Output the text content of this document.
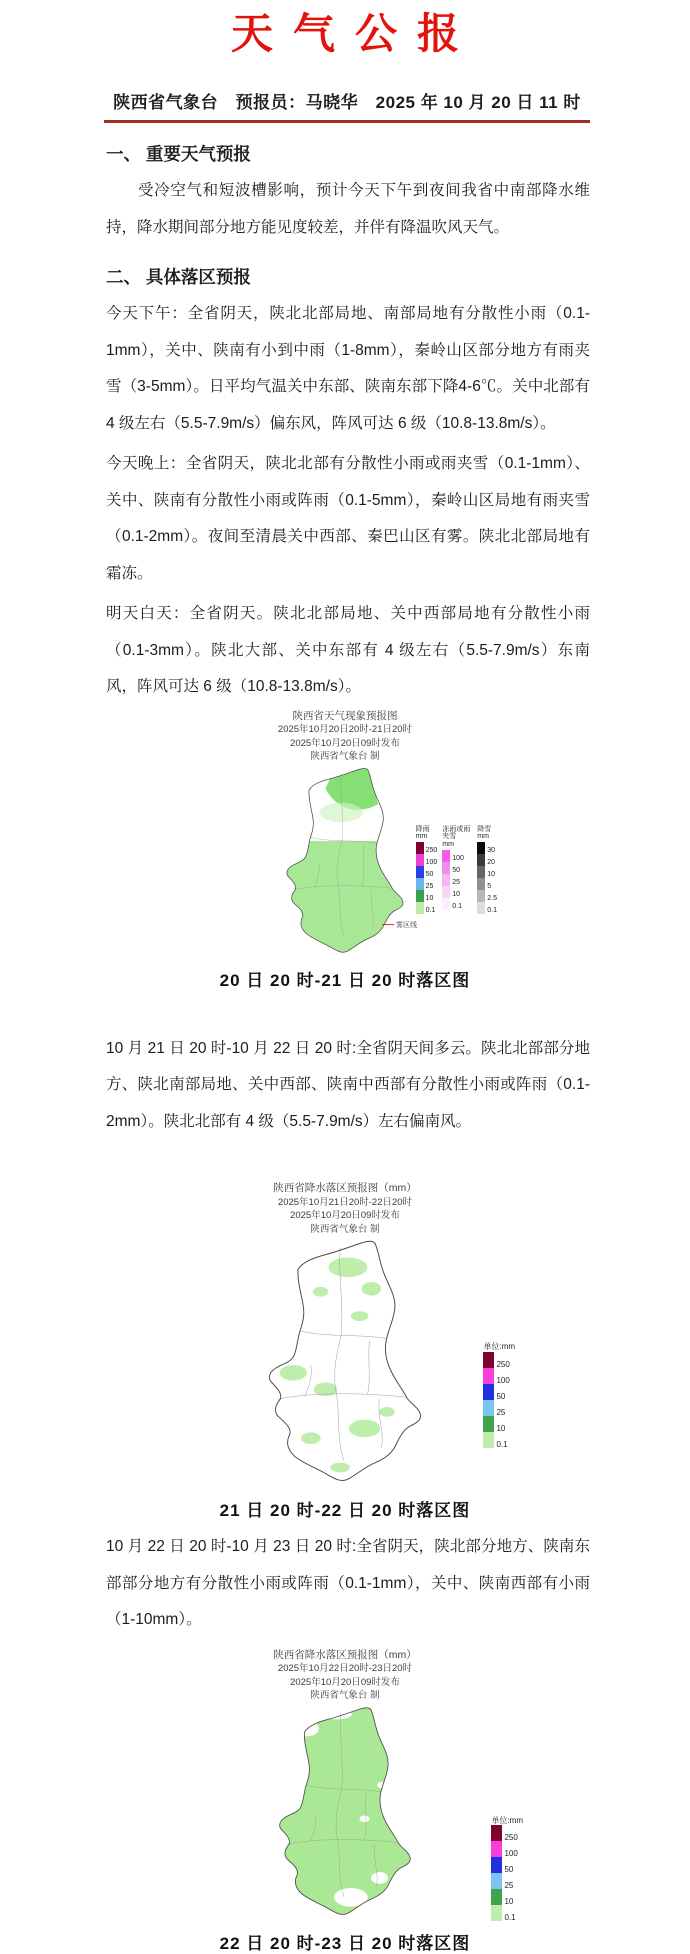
天气公报
陕西省气象台　预报员：马晓华　2025 年 10 月 20 日 11 时
一、 重要天气预报

受冷空气和短波槽影响，预计今天下午到夜间我省中南部降水维持，降水期间部分地方能见度较差，并伴有降温吹风天气。

二、 具体落区预报

今天下午：全省阴天，陕北北部局地、南部局地有分散性小雨（0.1-1mm），关中、陕南有小到中雨（1-8mm），秦岭山区部分地方有雨夹雪（3-5mm）。日平均气温关中东部、陕南东部下降4-6℃。关中北部有 4 级左右（5.5-7.9m/s）偏东风，阵风可达 6 级（10.8-13.8m/s）。

今天晚上：全省阴天，陕北北部有分散性小雨或雨夹雪（0.1-1mm）、关中、陕南有分散性小雨或阵雨（0.1-5mm），秦岭山区局地有雨夹雪（0.1-2mm）。夜间至清晨关中西部、秦巴山区有雾。陕北北部局地有霜冻。

明天白天：全省阴天。陕北北部局地、关中西部局地有分散性小雨（0.1-3mm）。陕北大部、关中东部有 4 级左右（5.5-7.9m/s）东南风，阵风可达 6 级（10.8-13.8m/s）。

陕西省天气现象预报图
2025年10月20日20时-21日20时
2025年10月20日09时发布
陕西省气象台 制
降雨
mm
250
100
50
25
10
0.1
冻雨或雨夹雪
mm
100
50
25
10
0.1
降雪
mm
30
20
10
5
2.5
0.1
雾区线
20 日 20 时-21 日 20 时落区图

10 月 21 日 20 时-10 月 22 日 20 时:全省阴天间多云。陕北北部部分地方、陕北南部局地、关中西部、陕南中西部有分散性小雨或阵雨（0.1-2mm）。陕北北部有 4 级（5.5-7.9m/s）左右偏南风。

陕西省降水落区预报图（mm）
2025年10月21日20时-22日20时
2025年10月20日09时发布
陕西省气象台 制
单位:mm
250
100
50
25
10
0.1
21 日 20 时-22 日 20 时落区图

10 月 22 日 20 时-10 月 23 日 20 时:全省阴天，陕北部分地方、陕南东部部分地方有分散性小雨或阵雨（0.1-1mm），关中、陕南西部有小雨（1-10mm）。

陕西省降水落区预报图（mm）
2025年10月22日20时-23日20时
2025年10月20日09时发布
陕西省气象台 制
单位:mm
250
100
50
25
10
0.1
22 日 20 时-23 日 20 时落区图
